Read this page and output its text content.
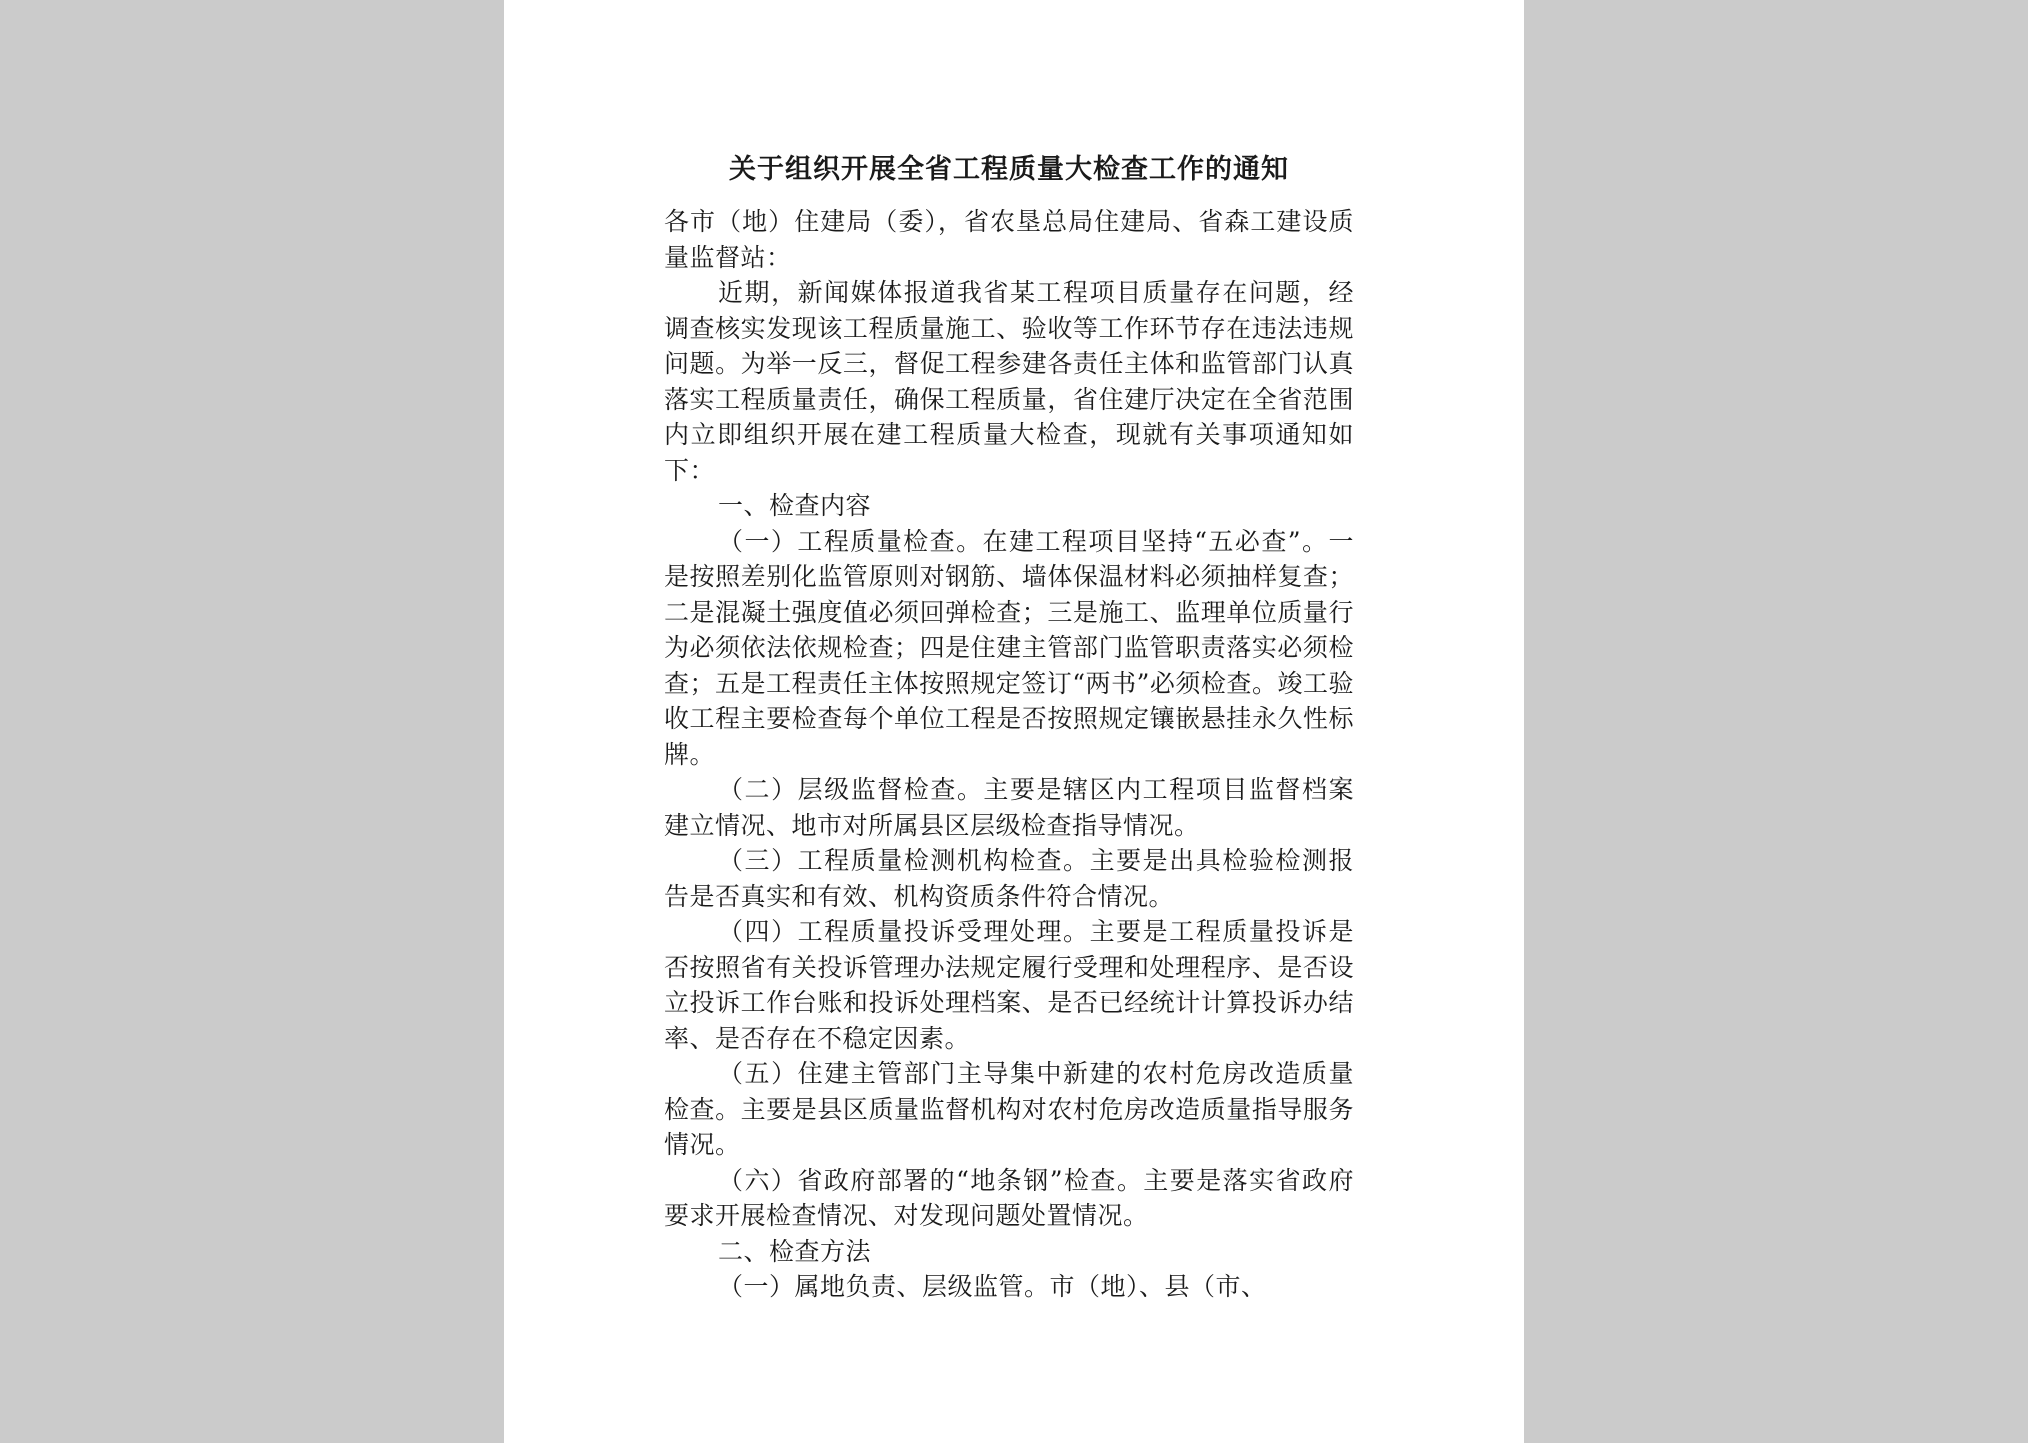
关于组织开展全省工程质量大检查工作的通知

各市（地）住建局（委），省农垦总局住建局、省森工建设质量监督站：

近期，新闻媒体报道我省某工程项目质量存在问题，经调查核实发现该工程质量施工、验收等工作环节存在违法违规问题。为举一反三，督促工程参建各责任主体和监管部门认真落实工程质量责任，确保工程质量，省住建厅决定在全省范围内立即组织开展在建工程质量大检查，现就有关事项通知如下：

一、检查内容

（一）工程质量检查。在建工程项目坚持“五必查”。一是按照差别化监管原则对钢筋、墙体保温材料必须抽样复查；二是混凝土强度值必须回弹检查；三是施工、监理单位质量行为必须依法依规检查；四是住建主管部门监管职责落实必须检查；五是工程责任主体按照规定签订“两书”必须检查。竣工验收工程主要检查每个单位工程是否按照规定镶嵌悬挂永久性标牌。

（二）层级监督检查。主要是辖区内工程项目监督档案建立情况、地市对所属县区层级检查指导情况。

（三）工程质量检测机构检查。主要是出具检验检测报告是否真实和有效、机构资质条件符合情况。

（四）工程质量投诉受理处理。主要是工程质量投诉是否按照省有关投诉管理办法规定履行受理和处理程序、是否设立投诉工作台账和投诉处理档案、是否已经统计计算投诉办结率、是否存在不稳定因素。

（五）住建主管部门主导集中新建的农村危房改造质量检查。主要是县区质量监督机构对农村危房改造质量指导服务情况。

（六）省政府部署的“地条钢”检查。主要是落实省政府要求开展检查情况、对发现问题处置情况。

二、检查方法

（一）属地负责、层级监管。市（地）、县（市、
